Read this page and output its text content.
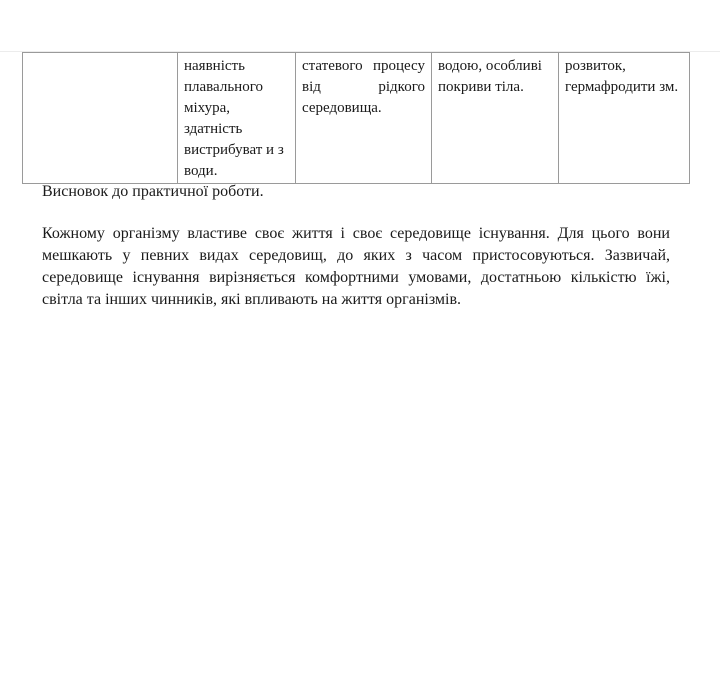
	наявність плавального міхура, здатність вистрибуват и з води.	статевого процесу від рідкого середовища.	водою, особливі покриви тіла.	розвиток, гермафродити зм.

Висновок до практичної роботи.

Кожному організму властиве своє життя і своє середовище існування. Для цього вони мешкають у певних видах середовищ, до яких з часом пристосовуються. Зазвичай, середовище існування вирізняється комфортними умовами, достатньою кількістю їжі, світла та інших чинників, які впливають на життя організмів.
